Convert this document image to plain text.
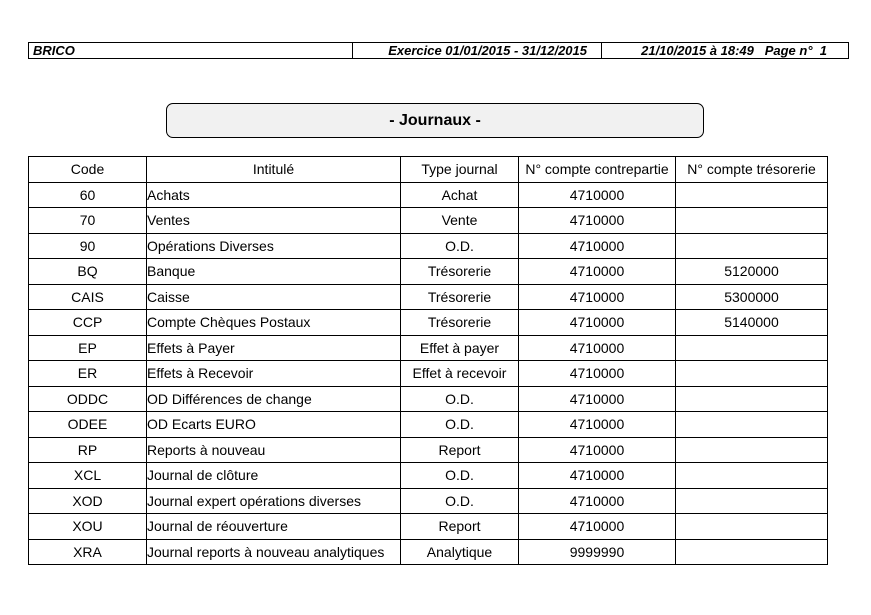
BRICO	Exercice 01/01/2015 - 31/12/2015	21/10/2015 à 18:49   Page n°  1
- Journaux -
Code	Intitulé	Type journal	N° compte contrepartie	N° compte trésorerie
60	Achats	Achat	4710000	
70	Ventes	Vente	4710000	
90	Opérations Diverses	O.D.	4710000	
BQ	Banque	Trésorerie	4710000	5120000
CAIS	Caisse	Trésorerie	4710000	5300000
CCP	Compte Chèques Postaux	Trésorerie	4710000	5140000
EP	Effets à Payer	Effet à payer	4710000	
ER	Effets à Recevoir	Effet à recevoir	4710000	
ODDC	OD Différences de change	O.D.	4710000	
ODEE	OD Ecarts EURO	O.D.	4710000	
RP	Reports à nouveau	Report	4710000	
XCL	Journal de clôture	O.D.	4710000	
XOD	Journal expert opérations diverses	O.D.	4710000	
XOU	Journal de réouverture	Report	4710000	
XRA	Journal reports à nouveau analytiques	Analytique	9999990	
